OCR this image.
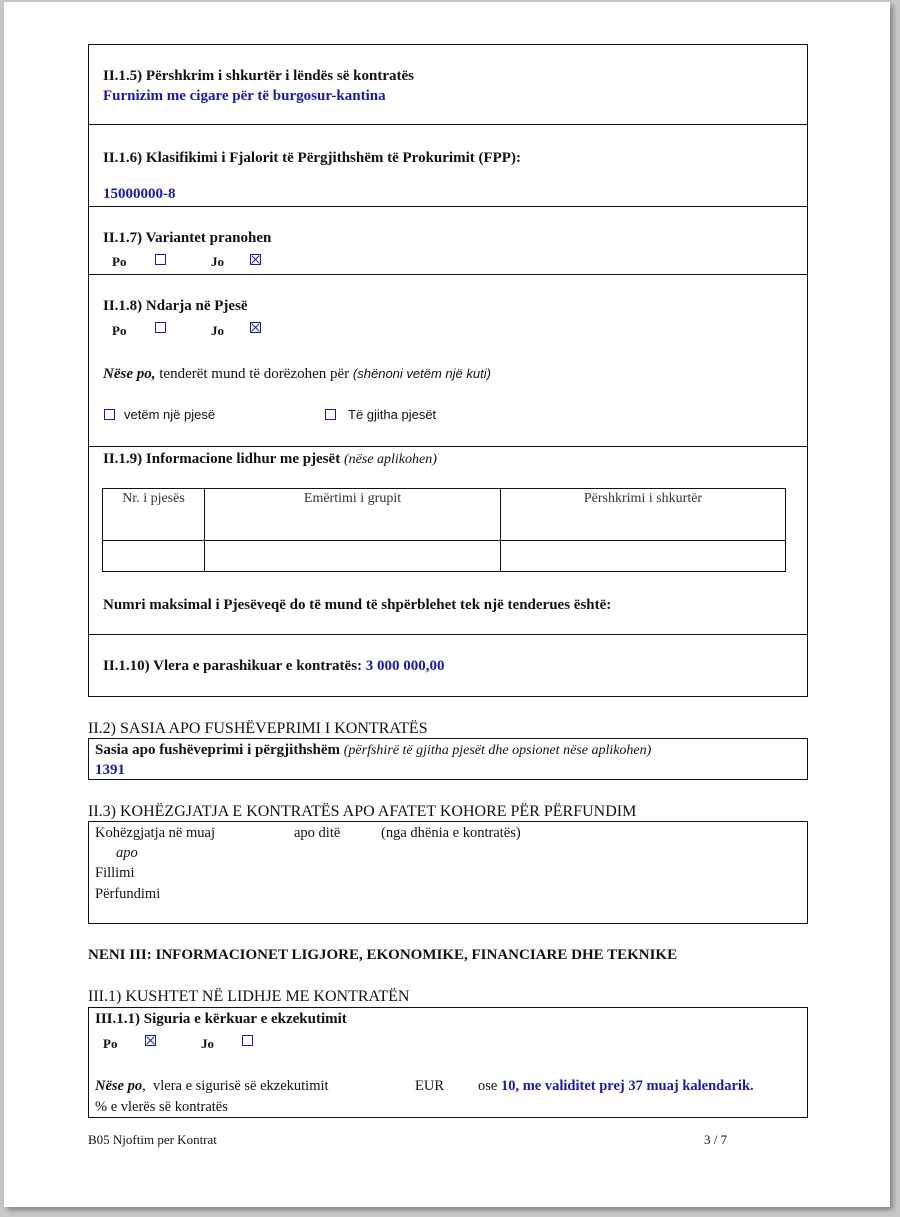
II.1.5) Përshkrim i shkurtër i lëndës së kontratës
Furnizim me cigare për të burgosur-kantina
II.1.6) Klasifikimi i Fjalorit të Përgjithshëm të Prokurimit (FPP):
15000000-8
II.1.7) Variantet pranohen
Po	Jo
II.1.8) Ndarja në Pjesë
Po	Jo
Nëse po, tenderët mund të dorëzohen për (shënoni vetëm një kuti)
vetëm një pjesë	Të gjitha pjesët
II.1.9) Informacione lidhur me pjesët (nëse aplikohen)
Nr. i pjesës	Emërtimi i grupit	Përshkrimi i shkurtër

Numri maksimal i Pjesëveqë do të mund të shpërblehet tek një tenderues është:
II.1.10) Vlera e parashikuar e kontratës: 3 000 000,00
II.2) SASIA APO FUSHËVEPRIMI I KONTRATËS
Sasia apo fushëveprimi i përgjithshëm (përfshirë të gjitha pjesët dhe opsionet nëse aplikohen)
1391
II.3) KOHËZGJATJA E KONTRATËS APO AFATET KOHORE PËR PËRFUNDIM
Kohëzgjatja në muaj	apo ditë	(nga dhënia e kontratës)
apo
Fillimi
Përfundimi
NENI III: INFORMACIONET LIGJORE, EKONOMIKE, FINANCIARE DHE TEKNIKE
III.1) KUSHTET NË LIDHJE ME KONTRATËN
III.1.1) Siguria e kërkuar e ekzekutimit
Po	Jo
Nëse po,  vlera e sigurisë së ekzekutimit	EUR ose 10, me validitet prej 37 muaj kalendarik.
% e vlerës së kontratës
B05 Njoftim per Kontrat	3 / 7
